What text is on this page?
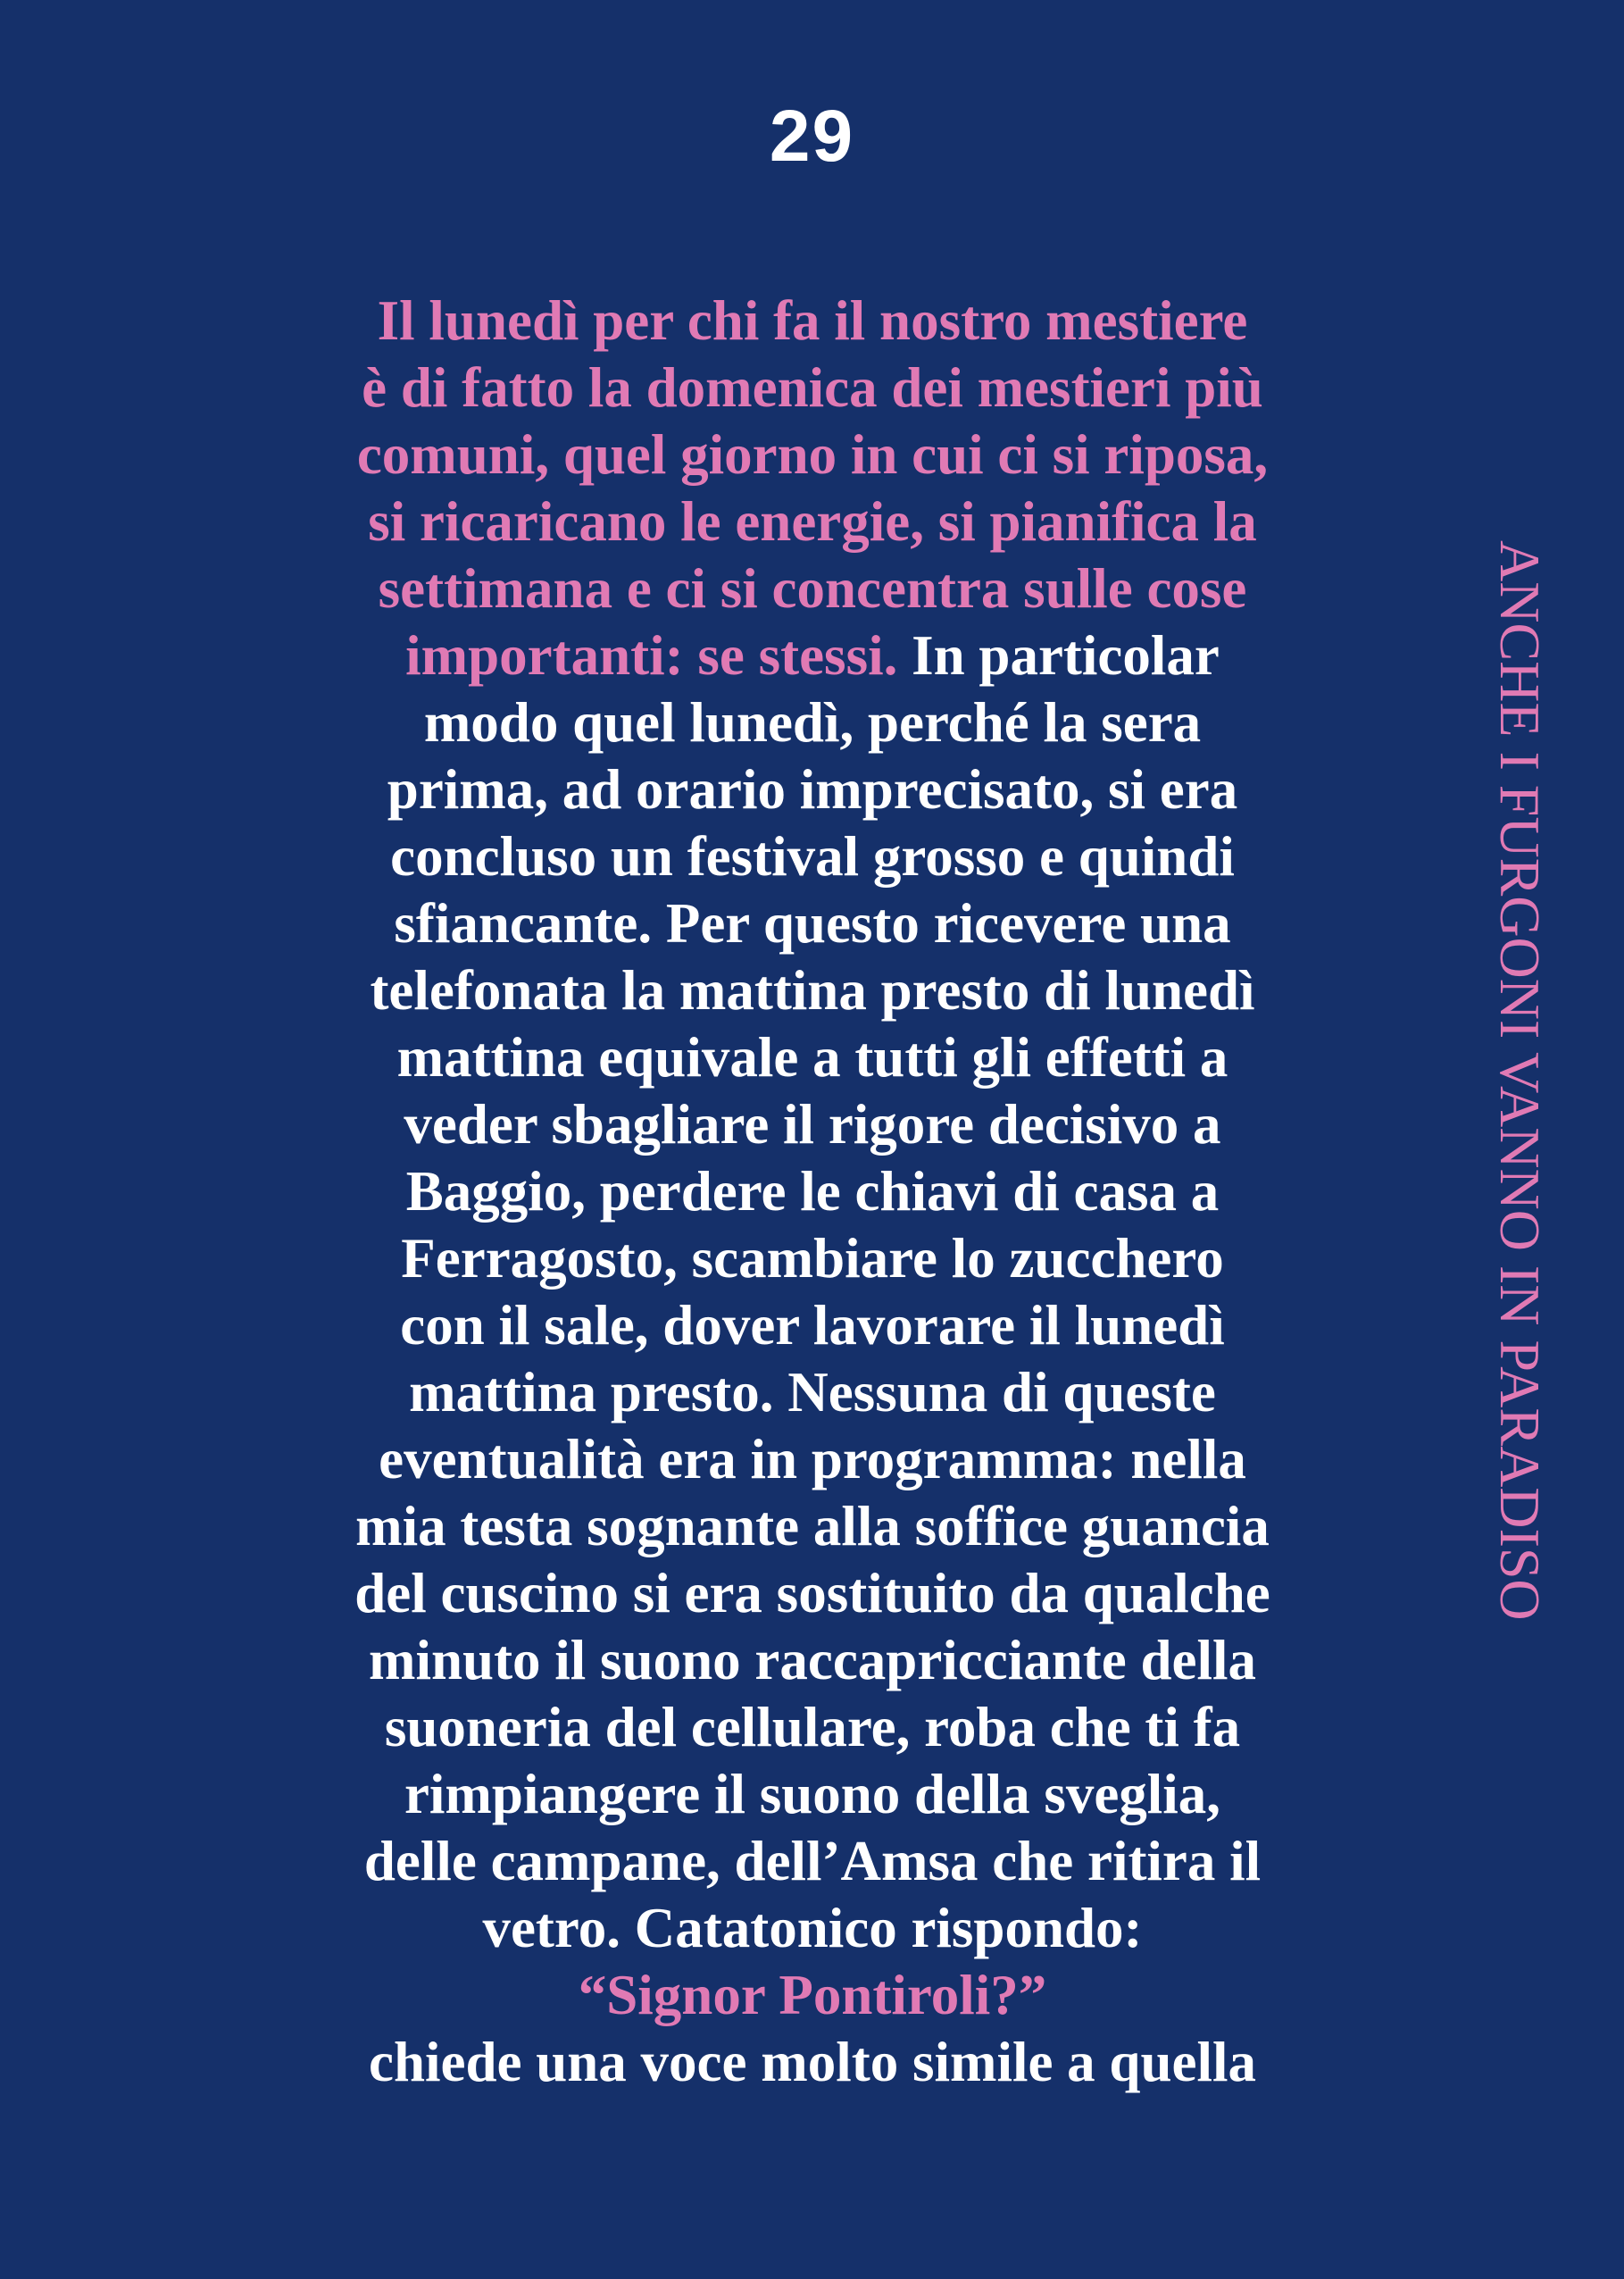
29
Il lunedì per chi fa il nostro mestiere
è di fatto la domenica dei mestieri più
comuni, quel giorno in cui ci si riposa,
si ricaricano le energie, si pianifica la
settimana e ci si concentra sulle cose
importanti: se stessi. In particolar
modo quel lunedì, perché la sera
prima, ad orario imprecisato, si era
concluso un festival grosso e quindi
sfiancante. Per questo ricevere una
telefonata la mattina presto di lunedì
mattina equivale a tutti gli effetti a
veder sbagliare il rigore decisivo a
Baggio, perdere le chiavi di casa a
Ferragosto, scambiare lo zucchero
con il sale, dover lavorare il lunedì
mattina presto. Nessuna di queste
eventualità era in programma: nella
mia testa sognante alla soffice guancia
del cuscino si era sostituito da qualche
minuto il suono raccapricciante della
suoneria del cellulare, roba che ti fa
rimpiangere il suono della sveglia,
delle campane, dell’Amsa che ritira il
vetro. Catatonico rispondo:
“Signor Pontiroli?”
chiede una voce molto simile a quella
ANCHE I FURGONI VANNO IN PARADISO
